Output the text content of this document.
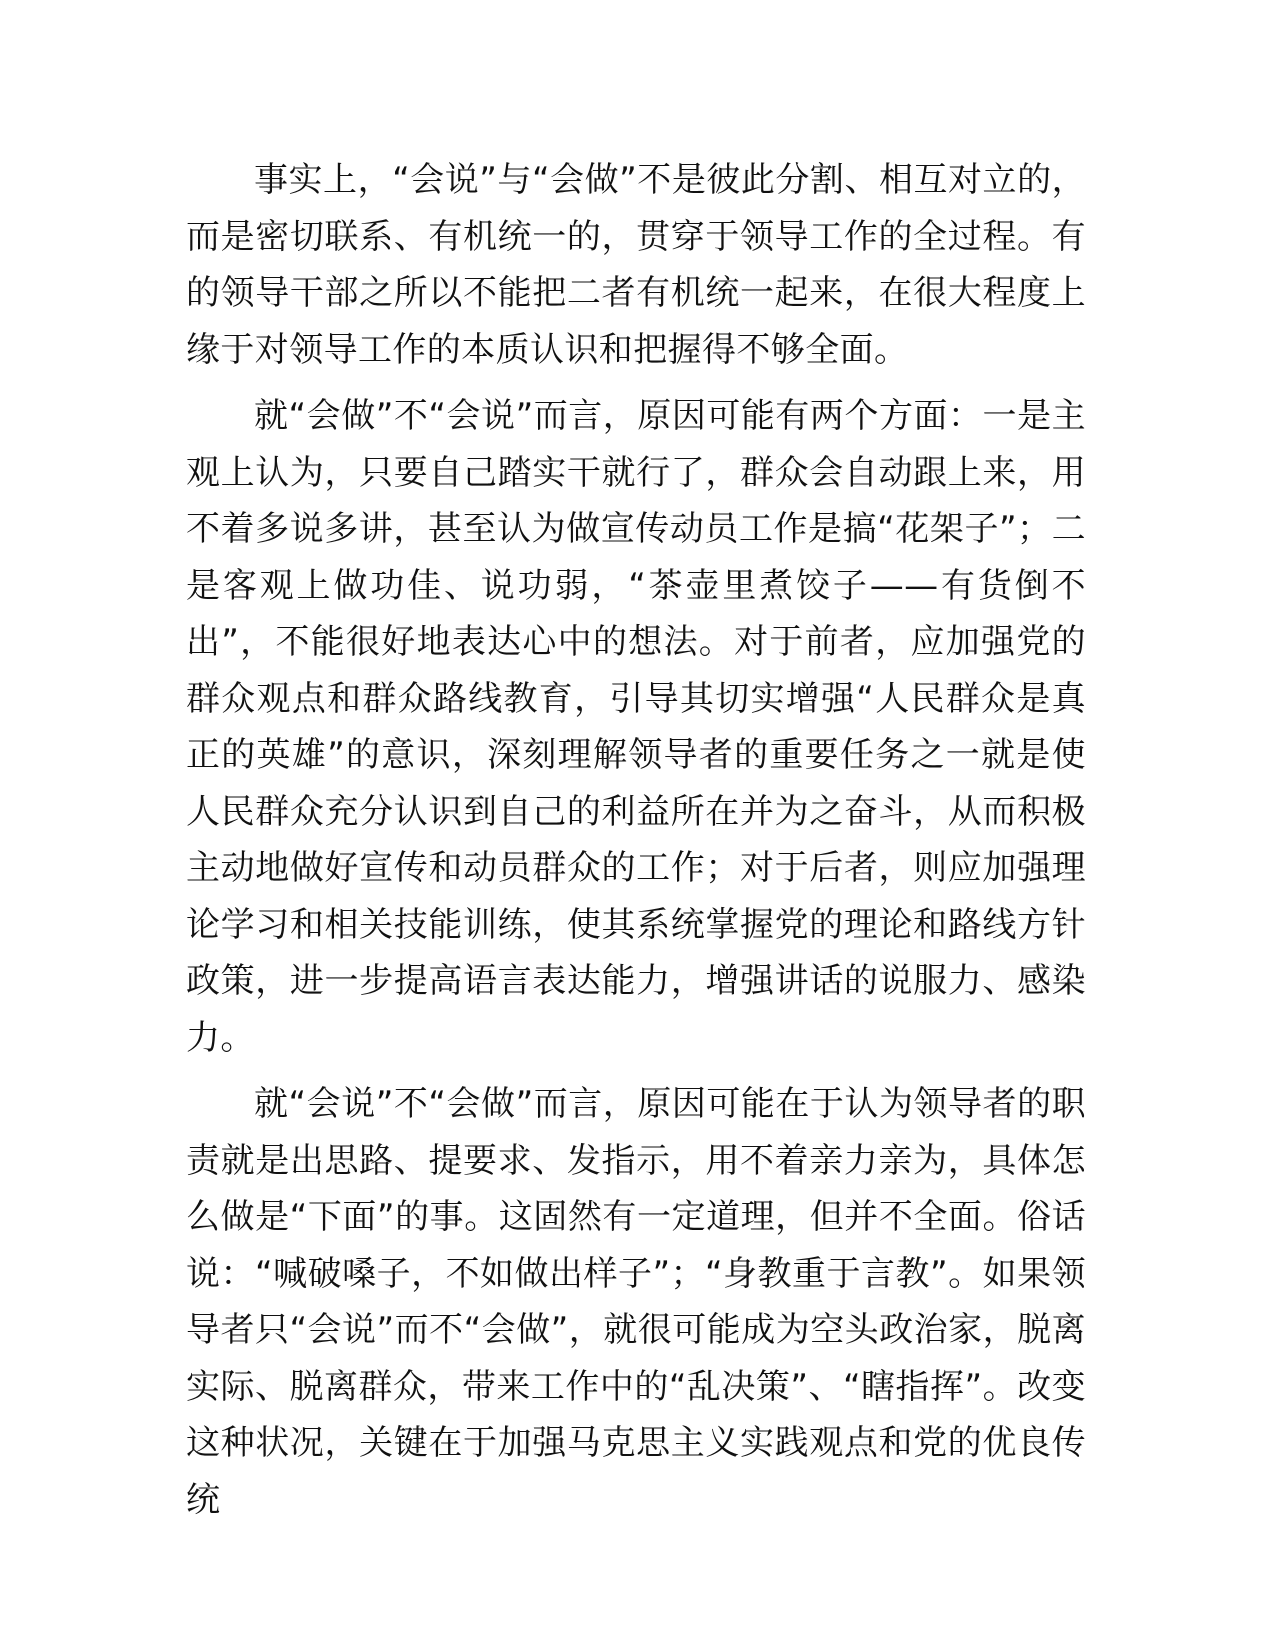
事实上，“会说”与“会做”不是彼此分割、相互对立的，而是密切联系、有机统一的，贯穿于领导工作的全过程。有的领导干部之所以不能把二者有机统一起来，在很大程度上缘于对领导工作的本质认识和把握得不够全面。

就“会做”不“会说”而言，原因可能有两个方面：一是主观上认为，只要自己踏实干就行了，群众会自动跟上来，用不着多说多讲，甚至认为做宣传动员工作是搞“花架子”；二是客观上做功佳、说功弱，“茶壶里煮饺子——有货倒不出”，不能很好地表达心中的想法。对于前者，应加强党的群众观点和群众路线教育，引导其切实增强“人民群众是真正的英雄”的意识，深刻理解领导者的重要任务之一就是使人民群众充分认识到自己的利益所在并为之奋斗，从而积极主动地做好宣传和动员群众的工作；对于后者，则应加强理论学习和相关技能训练，使其系统掌握党的理论和路线方针政策，进一步提高语言表达能力，增强讲话的说服力、感染力。

就“会说”不“会做”而言，原因可能在于认为领导者的职责就是出思路、提要求、发指示，用不着亲力亲为，具体怎么做是“下面”的事。这固然有一定道理，但并不全面。俗话说：“喊破嗓子，不如做出样子”；“身教重于言教”。如果领导者只“会说”而不“会做”，就很可能成为空头政治家，脱离实际、脱离群众，带来工作中的“乱决策”、“瞎指挥”。改变这种状况，关键在于加强马克思主义实践观点和党的优良传统
